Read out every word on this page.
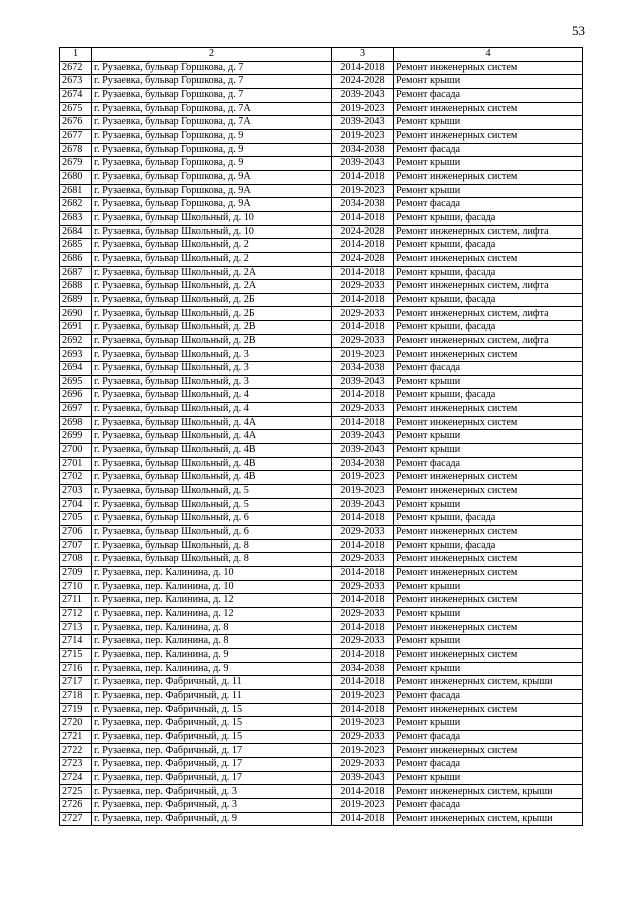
53
1	2	3	4
2672	г. Рузаевка, бульвар Горшкова, д. 7	2014-2018	Ремонт инженерных систем
2673	г. Рузаевка, бульвар Горшкова, д. 7	2024-2028	Ремонт крыши
2674	г. Рузаевка, бульвар Горшкова, д. 7	2039-2043	Ремонт фасада
2675	г. Рузаевка, бульвар Горшкова, д. 7А	2019-2023	Ремонт инженерных систем
2676	г. Рузаевка, бульвар Горшкова, д. 7А	2039-2043	Ремонт крыши
2677	г. Рузаевка, бульвар Горшкова, д. 9	2019-2023	Ремонт инженерных систем
2678	г. Рузаевка, бульвар Горшкова, д. 9	2034-2038	Ремонт фасада
2679	г. Рузаевка, бульвар Горшкова, д. 9	2039-2043	Ремонт крыши
2680	г. Рузаевка, бульвар Горшкова, д. 9А	2014-2018	Ремонт инженерных систем
2681	г. Рузаевка, бульвар Горшкова, д. 9А	2019-2023	Ремонт крыши
2682	г. Рузаевка, бульвар Горшкова, д. 9А	2034-2038	Ремонт фасада
2683	г. Рузаевка, бульвар Школьный, д. 10	2014-2018	Ремонт крыши, фасада
2684	г. Рузаевка, бульвар Школьный, д. 10	2024-2028	Ремонт инженерных систем, лифта
2685	г. Рузаевка, бульвар Школьный, д. 2	2014-2018	Ремонт крыши, фасада
2686	г. Рузаевка, бульвар Школьный, д. 2	2024-2028	Ремонт инженерных систем
2687	г. Рузаевка, бульвар Школьный, д. 2А	2014-2018	Ремонт крыши, фасада
2688	г. Рузаевка, бульвар Школьный, д. 2А	2029-2033	Ремонт инженерных систем, лифта
2689	г. Рузаевка, бульвар Школьный, д. 2Б	2014-2018	Ремонт крыши, фасада
2690	г. Рузаевка, бульвар Школьный, д. 2Б	2029-2033	Ремонт инженерных систем, лифта
2691	г. Рузаевка, бульвар Школьный, д. 2В	2014-2018	Ремонт крыши, фасада
2692	г. Рузаевка, бульвар Школьный, д. 2В	2029-2033	Ремонт инженерных систем, лифта
2693	г. Рузаевка, бульвар Школьный, д. 3	2019-2023	Ремонт инженерных систем
2694	г. Рузаевка, бульвар Школьный, д. 3	2034-2038	Ремонт фасада
2695	г. Рузаевка, бульвар Школьный, д. 3	2039-2043	Ремонт крыши
2696	г. Рузаевка, бульвар Школьный, д. 4	2014-2018	Ремонт крыши, фасада
2697	г. Рузаевка, бульвар Школьный, д. 4	2029-2033	Ремонт инженерных систем
2698	г. Рузаевка, бульвар Школьный, д. 4А	2014-2018	Ремонт инженерных систем
2699	г. Рузаевка, бульвар Школьный, д. 4А	2039-2043	Ремонт крыши
2700	г. Рузаевка, бульвар Школьный, д. 4В	2039-2043	Ремонт крыши
2701	г. Рузаевка, бульвар Школьный, д. 4В	2034-2038	Ремонт фасада
2702	г. Рузаевка, бульвар Школьный, д. 4В	2019-2023	Ремонт инженерных систем
2703	г. Рузаевка, бульвар Школьный, д. 5	2019-2023	Ремонт инженерных систем
2704	г. Рузаевка, бульвар Школьный, д. 5	2039-2043	Ремонт крыши
2705	г. Рузаевка, бульвар Школьный, д. 6	2014-2018	Ремонт крыши, фасада
2706	г. Рузаевка, бульвар Школьный, д. 6	2029-2033	Ремонт инженерных систем
2707	г. Рузаевка, бульвар Школьный, д. 8	2014-2018	Ремонт крыши, фасада
2708	г. Рузаевка, бульвар Школьный, д. 8	2029-2033	Ремонт инженерных систем
2709	г. Рузаевка, пер. Калинина, д. 10	2014-2018	Ремонт инженерных систем
2710	г. Рузаевка, пер. Калинина, д. 10	2029-2033	Ремонт крыши
2711	г. Рузаевка, пер. Калинина, д. 12	2014-2018	Ремонт инженерных систем
2712	г. Рузаевка, пер. Калинина, д. 12	2029-2033	Ремонт крыши
2713	г. Рузаевка, пер. Калинина, д. 8	2014-2018	Ремонт инженерных систем
2714	г. Рузаевка, пер. Калинина, д. 8	2029-2033	Ремонт крыши
2715	г. Рузаевка, пер. Калинина, д. 9	2014-2018	Ремонт инженерных систем
2716	г. Рузаевка, пер. Калинина, д. 9	2034-2038	Ремонт крыши
2717	г. Рузаевка, пер. Фабричный, д. 11	2014-2018	Ремонт инженерных систем, крыши
2718	г. Рузаевка, пер. Фабричный, д. 11	2019-2023	Ремонт фасада
2719	г. Рузаевка, пер. Фабричный, д. 15	2014-2018	Ремонт инженерных систем
2720	г. Рузаевка, пер. Фабричный, д. 15	2019-2023	Ремонт крыши
2721	г. Рузаевка, пер. Фабричный, д. 15	2029-2033	Ремонт фасада
2722	г. Рузаевка, пер. Фабричный, д. 17	2019-2023	Ремонт инженерных систем
2723	г. Рузаевка, пер. Фабричный, д. 17	2029-2033	Ремонт фасада
2724	г. Рузаевка, пер. Фабричный, д. 17	2039-2043	Ремонт крыши
2725	г. Рузаевка, пер. Фабричный, д. 3	2014-2018	Ремонт инженерных систем, крыши
2726	г. Рузаевка, пер. Фабричный, д. 3	2019-2023	Ремонт фасада
2727	г. Рузаевка, пер. Фабричный, д. 9	2014-2018	Ремонт инженерных систем, крыши
